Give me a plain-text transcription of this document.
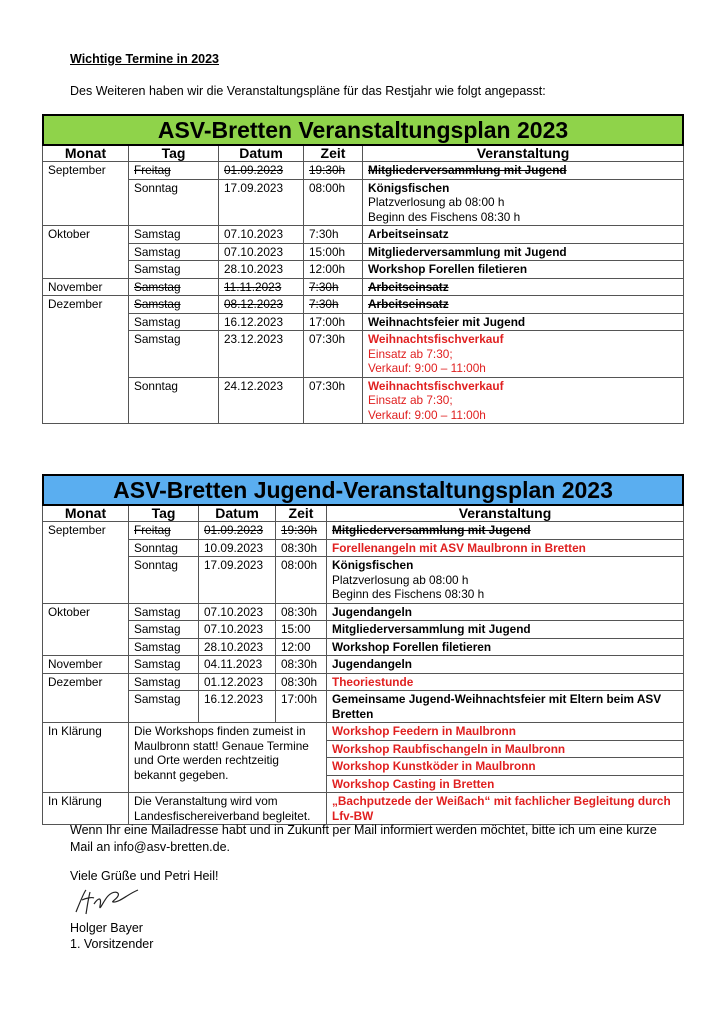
Wichtige Termine in 2023
Des Weiteren haben wir die Veranstaltungspläne für das Restjahr wie folgt angepasst:
ASV-Bretten Veranstaltungsplan 2023
Monat	Tag	Datum	Zeit	Veranstaltung
September	Freitag	01.09.2023	19:30h	Mitgliederversammlung mit Jugend
	Sonntag	17.09.2023	08:00h	Königsfischen
Platzverlosung ab 08:00 h
Beginn des Fischens 08:30 h

Oktober	Samstag	07.10.2023	7:30h	Arbeitseinsatz
	Samstag	07.10.2023	15:00h	Mitgliederversammlung mit Jugend
	Samstag	28.10.2023	12:00h	Workshop Forellen filetieren
November	Samstag	11.11.2023	7:30h	Arbeitseinsatz
Dezember	Samstag	08.12.2023	7:30h	Arbeitseinsatz
	Samstag	16.12.2023	17:00h	Weihnachtsfeier mit Jugend
	Samstag	23.12.2023	07:30h	Weihnachtsfischverkauf
Einsatz ab 7:30;
Verkauf: 9:00 – 11:00h

	Sonntag	24.12.2023	07:30h	Weihnachtsfischverkauf
Einsatz ab 7:30;
Verkauf: 9:00 – 11:00h
ASV-Bretten Jugend-Veranstaltungsplan 2023
Monat	Tag	Datum	Zeit	Veranstaltung
September	Freitag	01.09.2023	19:30h	Mitgliederversammlung mit Jugend
	Sonntag	10.09.2023	08:30h	Forellenangeln mit ASV Maulbronn in Bretten
	Sonntag	17.09.2023	08:00h	Königsfischen
Platzverlosung ab 08:00 h
Beginn des Fischens 08:30 h

Oktober	Samstag	07.10.2023	08:30h	Jugendangeln
	Samstag	07.10.2023	15:00	Mitgliederversammlung mit Jugend
	Samstag	28.10.2023	12:00	Workshop Forellen filetieren
November	Samstag	04.11.2023	08:30h	Jugendangeln
Dezember	Samstag	01.12.2023	08:30h	Theoriestunde
	Samstag	16.12.2023	17:00h	Gemeinsame Jugend-Weihnachtsfeier mit Eltern beim ASV Bretten
In Klärung	Die Workshops finden zumeist in Maulbronn statt! Genaue Termine und Orte werden rechtzeitig bekannt gegeben.			Workshop Feedern in Maulbronn
				Workshop Raubfischangeln in Maulbronn
				Workshop Kunstköder in Maulbronn
				Workshop Casting in Bretten
In Klärung	Die Veranstaltung wird vom Landesfischereiverband begleitet.			„Bachputzede der Weißach“ mit fachlicher Begleitung durch Lfv-BW
Wenn Ihr eine Mailadresse habt und in Zukunft per Mail informiert werden möchtet, bitte ich um eine kurze Mail an info@asv-bretten.de.
Viele Grüße und Petri Heil!
Holger Bayer
1. Vorsitzender
